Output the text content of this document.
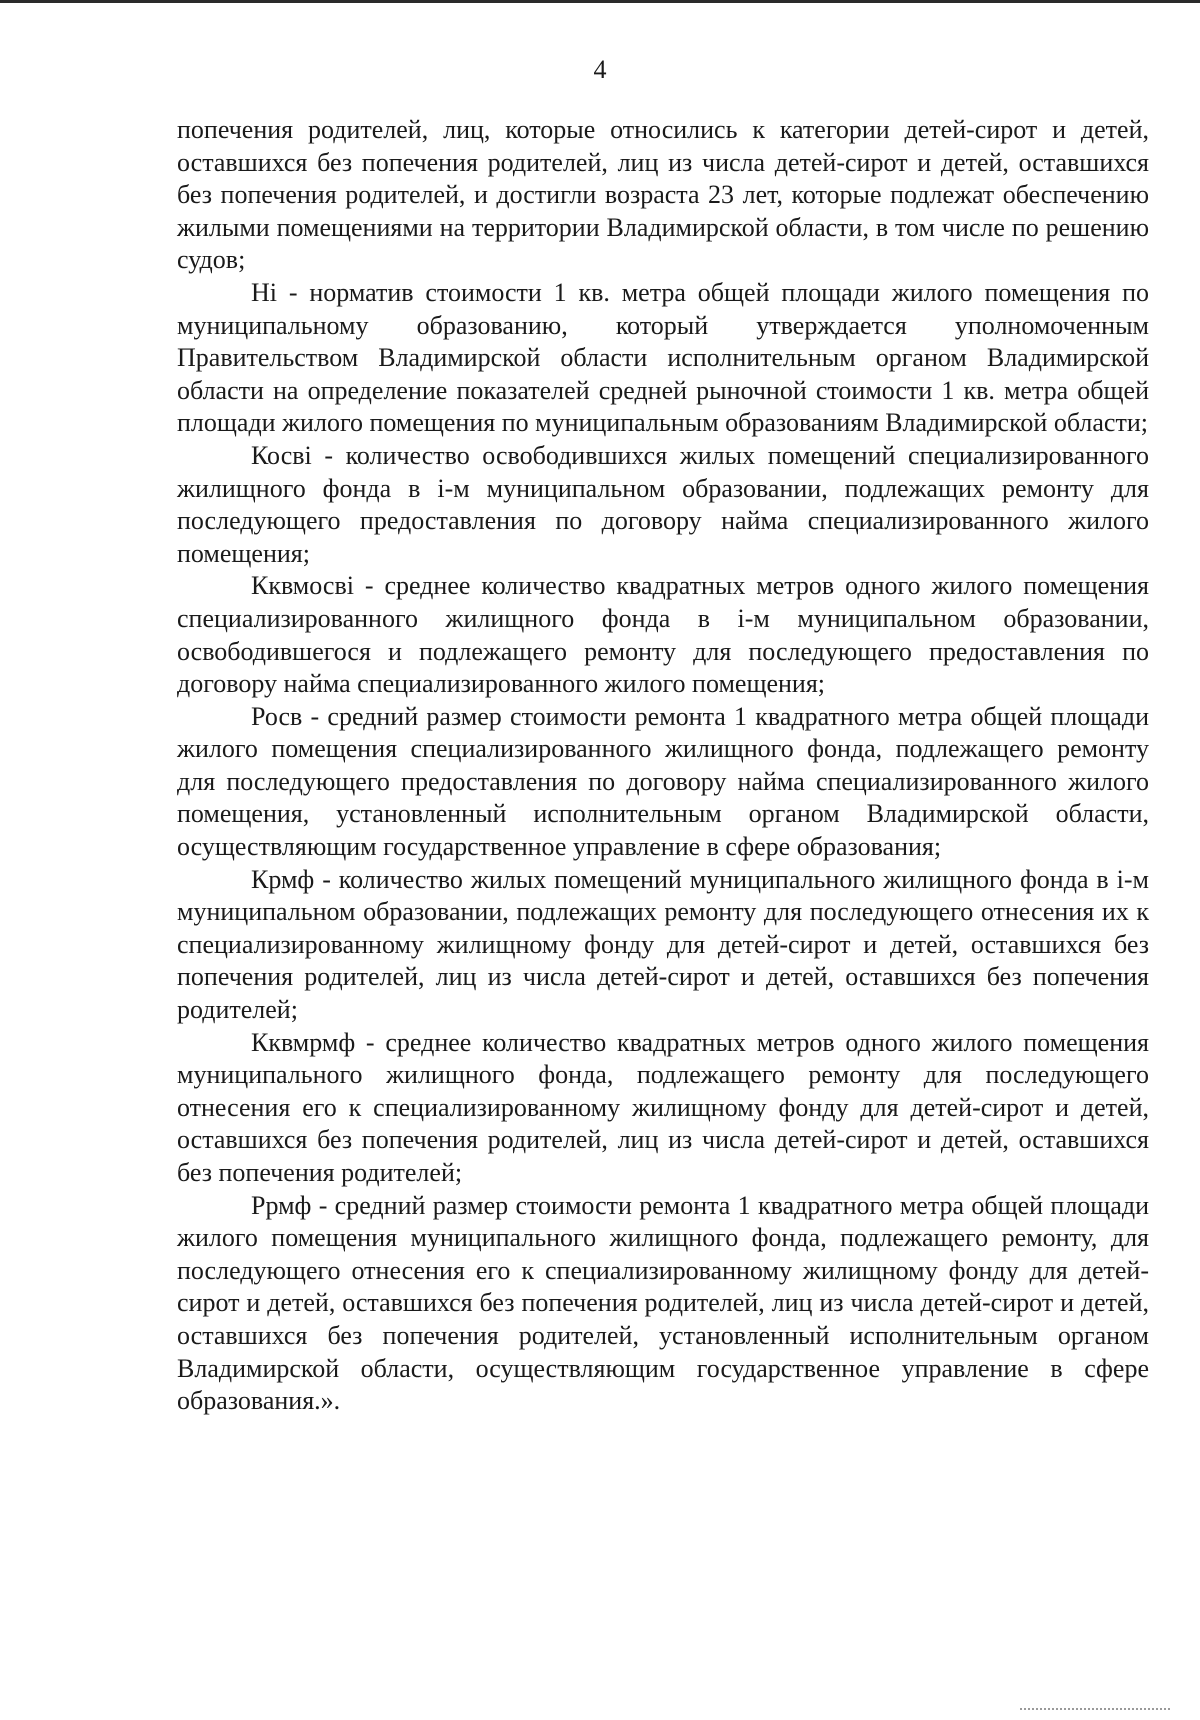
4

попечения родителей, лиц, которые относились к категории детей-сирот и детей, оставшихся без попечения родителей, лиц из числа детей-сирот и детей, оставшихся без попечения родителей, и достигли возраста 23 лет, которые подлежат обеспечению жилыми помещениями на территории Владимирской области, в том числе по решению судов;

Ні - норматив стоимости 1 кв. метра общей площади жилого помещения по муниципальному образованию, который утверждается уполномоченным Правительством Владимирской области исполнительным органом Владимирской области на определение показателей средней рыночной стоимости 1 кв. метра общей площади жилого помещения по муниципальным образованиям Владимирской области;

Косві - количество освободившихся жилых помещений специализированного жилищного фонда в і-м муниципальном образовании, подлежащих ремонту для последующего предоставления по договору найма специализированного жилого помещения;

Кквмосві - среднее количество квадратных метров одного жилого помещения специализированного жилищного фонда в і-м муниципальном образовании, освободившегося и подлежащего ремонту для последующего предоставления по договору найма специализированного жилого помещения;

Росв - средний размер стоимости ремонта 1 квадратного метра общей площади жилого помещения специализированного жилищного фонда, подлежащего ремонту для последующего предоставления по договору найма специализированного жилого помещения, установленный исполнительным органом Владимирской области, осуществляющим государственное управление в сфере образования;

Крмф - количество жилых помещений муниципального жилищного фонда в і-м муниципальном образовании, подлежащих ремонту для последующего отнесения их к специализированному жилищному фонду для детей-сирот и детей, оставшихся без попечения родителей, лиц из числа детей-сирот и детей, оставшихся без попечения родителей;

Кквмрмф - среднее количество квадратных метров одного жилого помещения муниципального жилищного фонда, подлежащего ремонту для последующего отнесения его к специализированному жилищному фонду для детей-сирот и детей, оставшихся без попечения родителей, лиц из числа детей-сирот и детей, оставшихся без попечения родителей;

Ррмф - средний размер стоимости ремонта 1 квадратного метра общей площади жилого помещения муниципального жилищного фонда, подлежащего ремонту, для последующего отнесения его к специализированному жилищному фонду для детей-сирот и детей, оставшихся без попечения родителей, лиц из числа детей-сирот и детей, оставшихся без попечения родителей, установленный исполнительным органом Владимирской области, осуществляющим государственное управление в сфере образования.».
